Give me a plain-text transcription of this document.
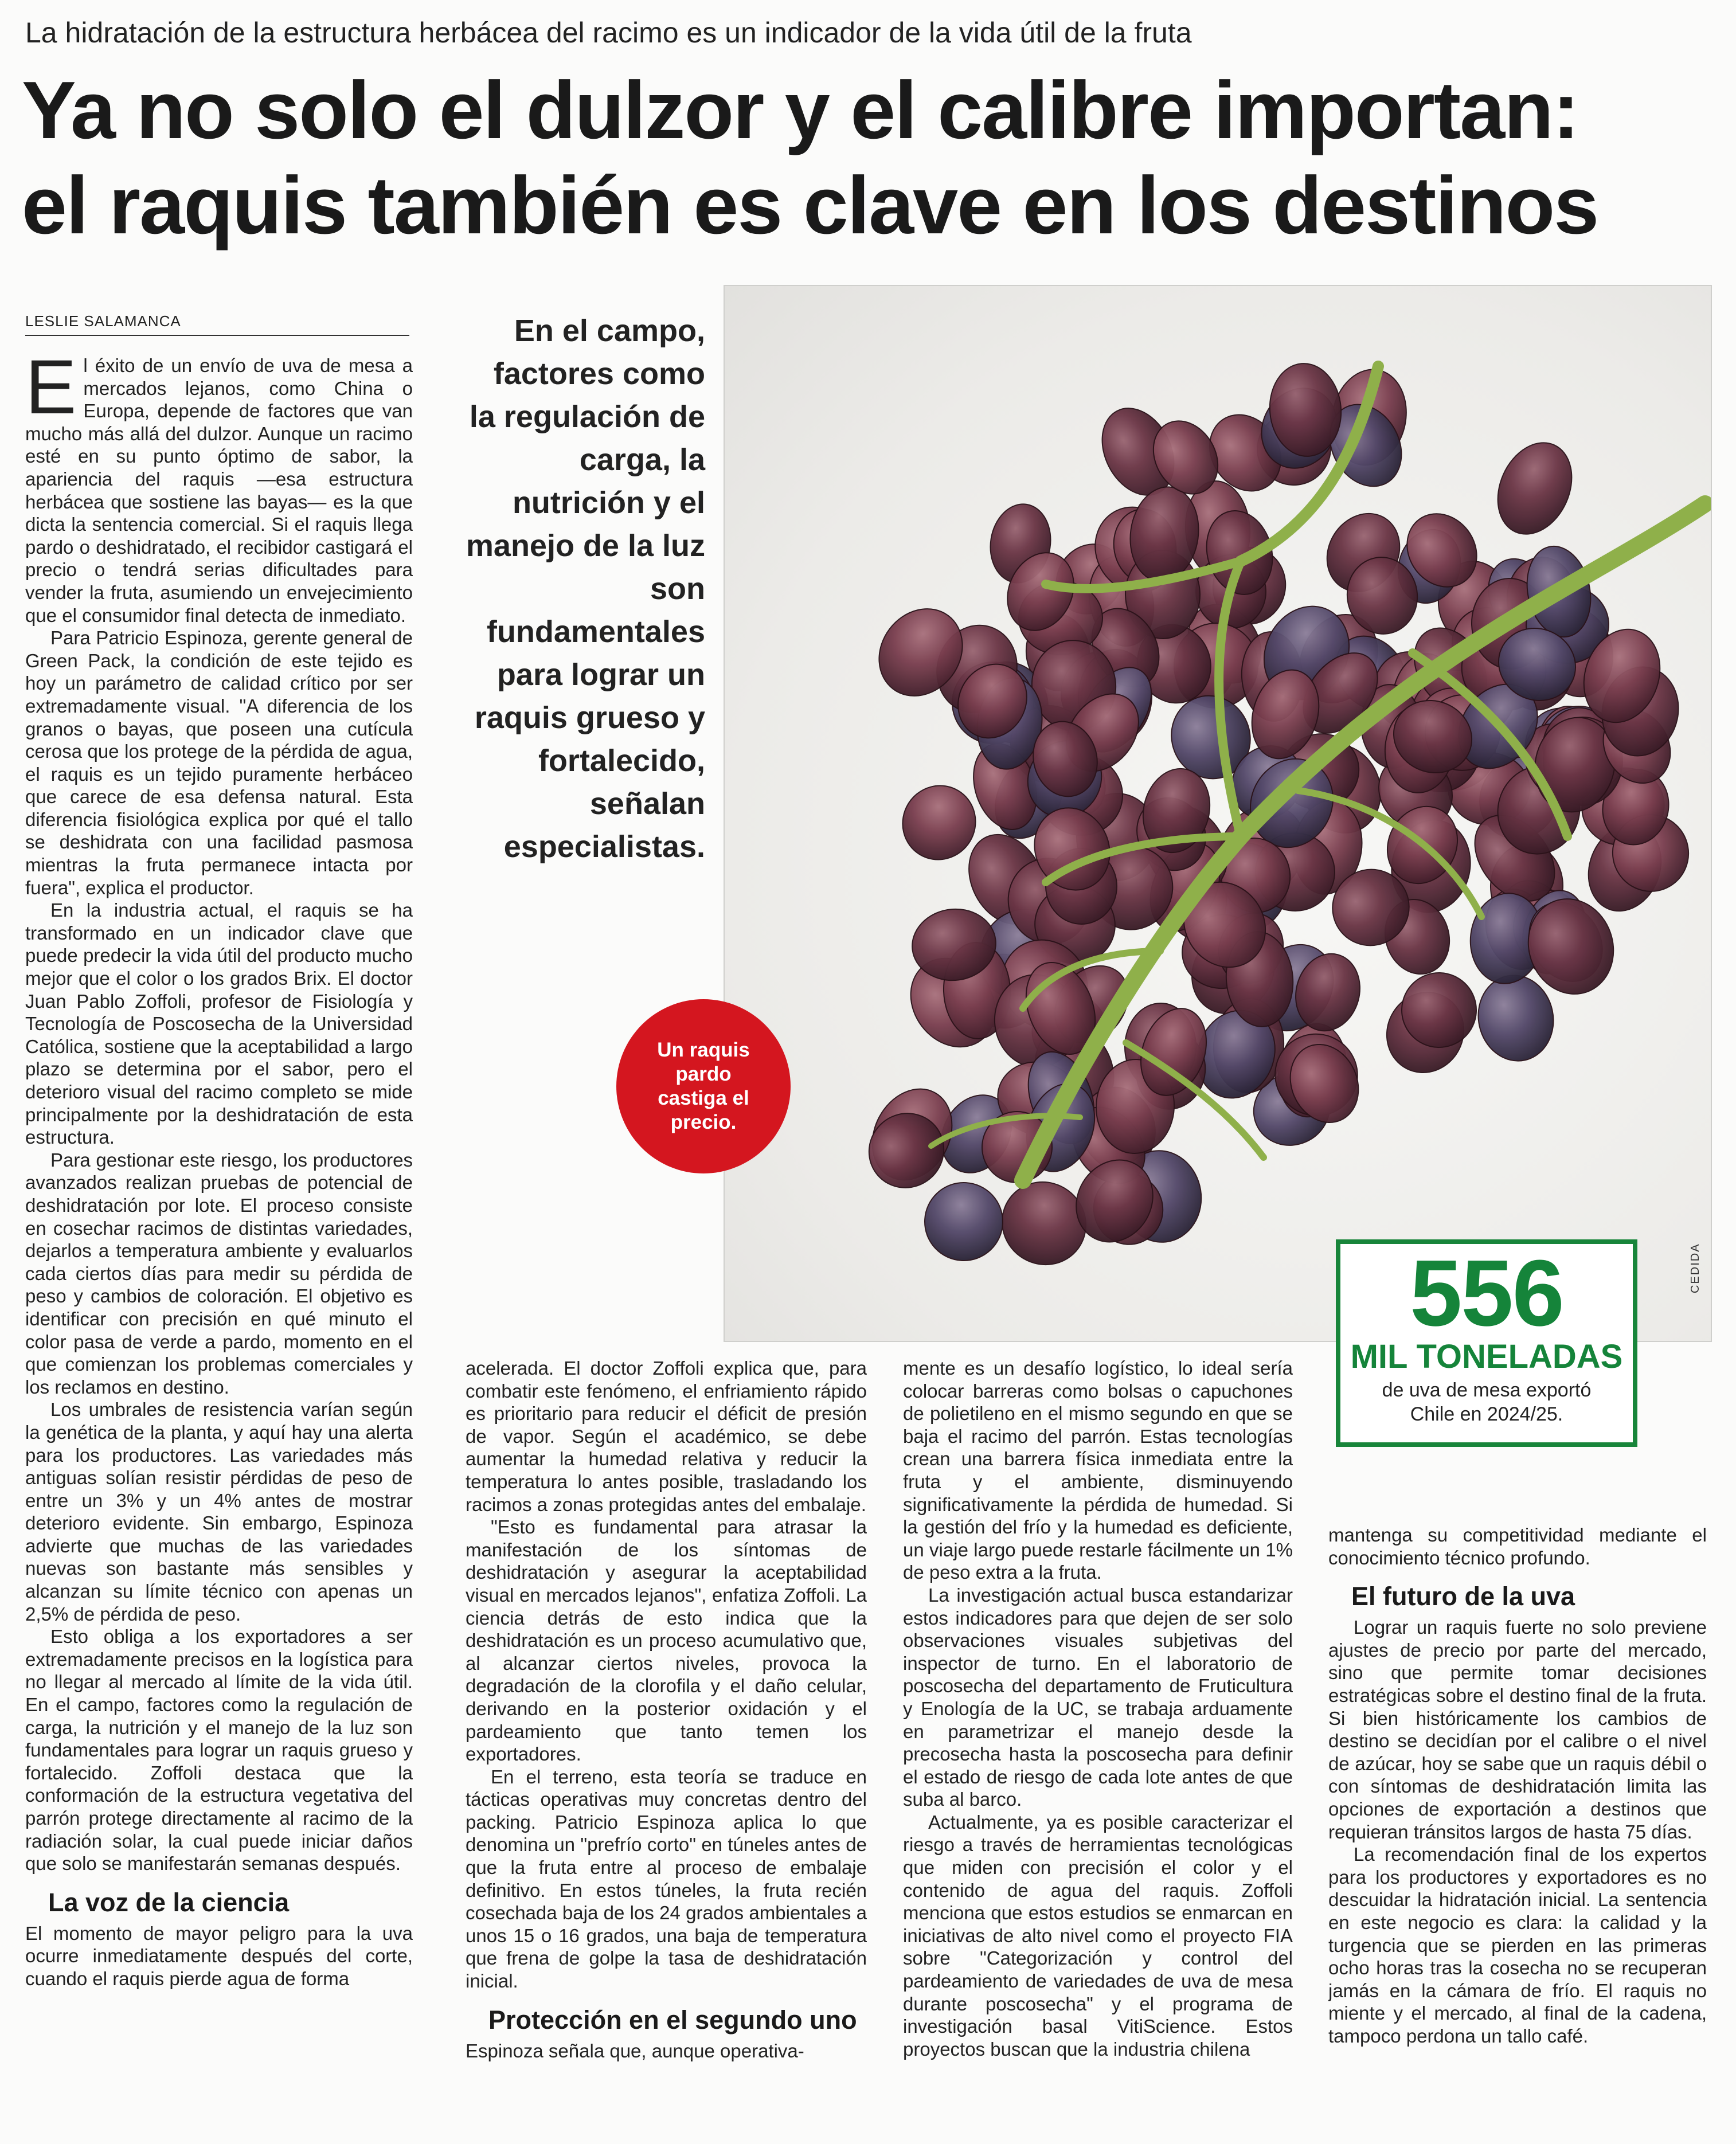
La hidratación de la estructura herbácea del racimo es un indicador de la vida útil de la fruta
Ya no solo el dulzor y el calibre importan:
el raquis también es clave en los destinos
LESLIE SALAMANCA	En el campo, factores como la regulación de carga, la nutrición y el manejo de la luz son fundamentales para lograr un raquis grueso y fortalecido, señalan especialistas.

CEDIDA
Un raquis pardo castiga el precio.
556
MIL TONELADAS
de uva de mesa exportó Chile en 2024/25.

El éxito de un envío de uva de mesa a mercados lejanos, como China o Europa, depende de factores que van mucho más allá del dulzor. Aunque un racimo esté en su punto óptimo de sabor, la apariencia del raquis —esa estructura herbácea que sostiene las bayas— es la que dicta la sentencia comercial. Si el raquis llega pardo o deshidratado, el recibidor castigará el precio o tendrá serias dificultades para vender la fruta, asumiendo un envejecimiento que el consumidor final detecta de inmediato.

Para Patricio Espinoza, gerente general de Green Pack, la condición de este tejido es hoy un parámetro de calidad crítico por ser extremadamente visual. "A diferencia de los granos o bayas, que poseen una cutícula cerosa que los protege de la pérdida de agua, el raquis es un tejido puramente herbáceo que carece de esa defensa natural. Esta diferencia fisiológica explica por qué el tallo se deshidrata con una facilidad pasmosa mientras la fruta permanece intacta por fuera", explica el productor.

En la industria actual, el raquis se ha transformado en un indicador clave que puede predecir la vida útil del producto mucho mejor que el color o los grados Brix. El doctor Juan Pablo Zoffoli, profesor de Fisiología y Tecnología de Poscosecha de la Universidad Católica, sostiene que la aceptabilidad a largo plazo se determina por el sabor, pero el deterioro visual del racimo completo se mide principalmente por la deshidratación de esta estructura.

Para gestionar este riesgo, los productores avanzados realizan pruebas de potencial de deshidratación por lote. El proceso consiste en cosechar racimos de distintas variedades, dejarlos a temperatura ambiente y evaluarlos cada ciertos días para medir su pérdida de peso y cambios de coloración. El objetivo es identificar con precisión en qué minuto el color pasa de verde a pardo, momento en el que comienzan los problemas comerciales y los reclamos en destino.

Los umbrales de resistencia varían según la genética de la planta, y aquí hay una alerta para los productores. Las variedades más antiguas solían resistir pérdidas de peso de entre un 3% y un 4% antes de mostrar deterioro evidente. Sin embargo, Espinoza advierte que muchas de las variedades nuevas son bastante más sensibles y alcanzan su límite técnico con apenas un 2,5% de pérdida de peso.

Esto obliga a los exportadores a ser extremadamente precisos en la logística para no llegar al mercado al límite de la vida útil. En el campo, factores como la regulación de carga, la nutrición y el manejo de la luz son fundamentales para lograr un raquis grueso y fortalecido. Zoffoli destaca que la conformación de la estructura vegetativa del parrón protege directamente al racimo de la radiación solar, la cual puede iniciar daños que solo se manifestarán semanas después.

La voz de la ciencia

El momento de mayor peligro para la uva ocurre inmediatamente después del corte, cuando el raquis pierde agua de forma

acelerada. El doctor Zoffoli explica que, para combatir este fenómeno, el enfriamiento rápido es prioritario para reducir el déficit de presión de vapor. Según el académico, se debe aumentar la humedad relativa y reducir la temperatura lo antes posible, trasladando los racimos a zonas protegidas antes del embalaje.

"Esto es fundamental para atrasar la manifestación de los síntomas de deshidratación y asegurar la aceptabilidad visual en mercados lejanos", enfatiza Zoffoli. La ciencia detrás de esto indica que la deshidratación es un proceso acumulativo que, al alcanzar ciertos niveles, provoca la degradación de la clorofila y el daño celular, derivando en la posterior oxidación y el pardeamiento que tanto temen los exportadores.

En el terreno, esta teoría se traduce en tácticas operativas muy concretas dentro del packing. Patricio Espinoza aplica lo que denomina un "prefrío corto" en túneles antes de que la fruta entre al proceso de embalaje definitivo. En estos túneles, la fruta recién cosechada baja de los 24 grados ambientales a unos 15 o 16 grados, una baja de temperatura que frena de golpe la tasa de deshidratación inicial.

Protección en el segundo uno

Espinoza señala que, aunque operativa-

mente es un desafío logístico, lo ideal sería colocar barreras como bolsas o capuchones de polietileno en el mismo segundo en que se baja el racimo del parrón. Estas tecnologías crean una barrera física inmediata entre la fruta y el ambiente, disminuyendo significativamente la pérdida de humedad. Si la gestión del frío y la humedad es deficiente, un viaje largo puede restarle fácilmente un 1% de peso extra a la fruta.

La investigación actual busca estandarizar estos indicadores para que dejen de ser solo observaciones visuales subjetivas del inspector de turno. En el laboratorio de poscosecha del departamento de Fruticultura y Enología de la UC, se trabaja arduamente en parametrizar el manejo desde la precosecha hasta la poscosecha para definir el estado de riesgo de cada lote antes de que suba al barco.

Actualmente, ya es posible caracterizar el riesgo a través de herramientas tecnológicas que miden con precisión el color y el contenido de agua del raquis. Zoffoli menciona que estos estudios se enmarcan en iniciativas de alto nivel como el proyecto FIA sobre "Categorización y control del pardeamiento de variedades de uva de mesa durante poscosecha" y el programa de investigación basal VitiScience. Estos proyectos buscan que la industria chilena

mantenga su competitividad mediante el conocimiento técnico profundo.

El futuro de la uva

Lograr un raquis fuerte no solo previene ajustes de precio por parte del mercado, sino que permite tomar decisiones estratégicas sobre el destino final de la fruta. Si bien históricamente los cambios de destino se decidían por el calibre o el nivel de azúcar, hoy se sabe que un raquis débil o con síntomas de deshidratación limita las opciones de exportación a destinos que requieran tránsitos largos de hasta 75 días.

La recomendación final de los expertos para los productores y exportadores es no descuidar la hidratación inicial. La sentencia en este negocio es clara: la calidad y la turgencia que se pierden en las primeras ocho horas tras la cosecha no se recuperan jamás en la cámara de frío. El raquis no miente y el mercado, al final de la cadena, tampoco perdona un tallo café.
